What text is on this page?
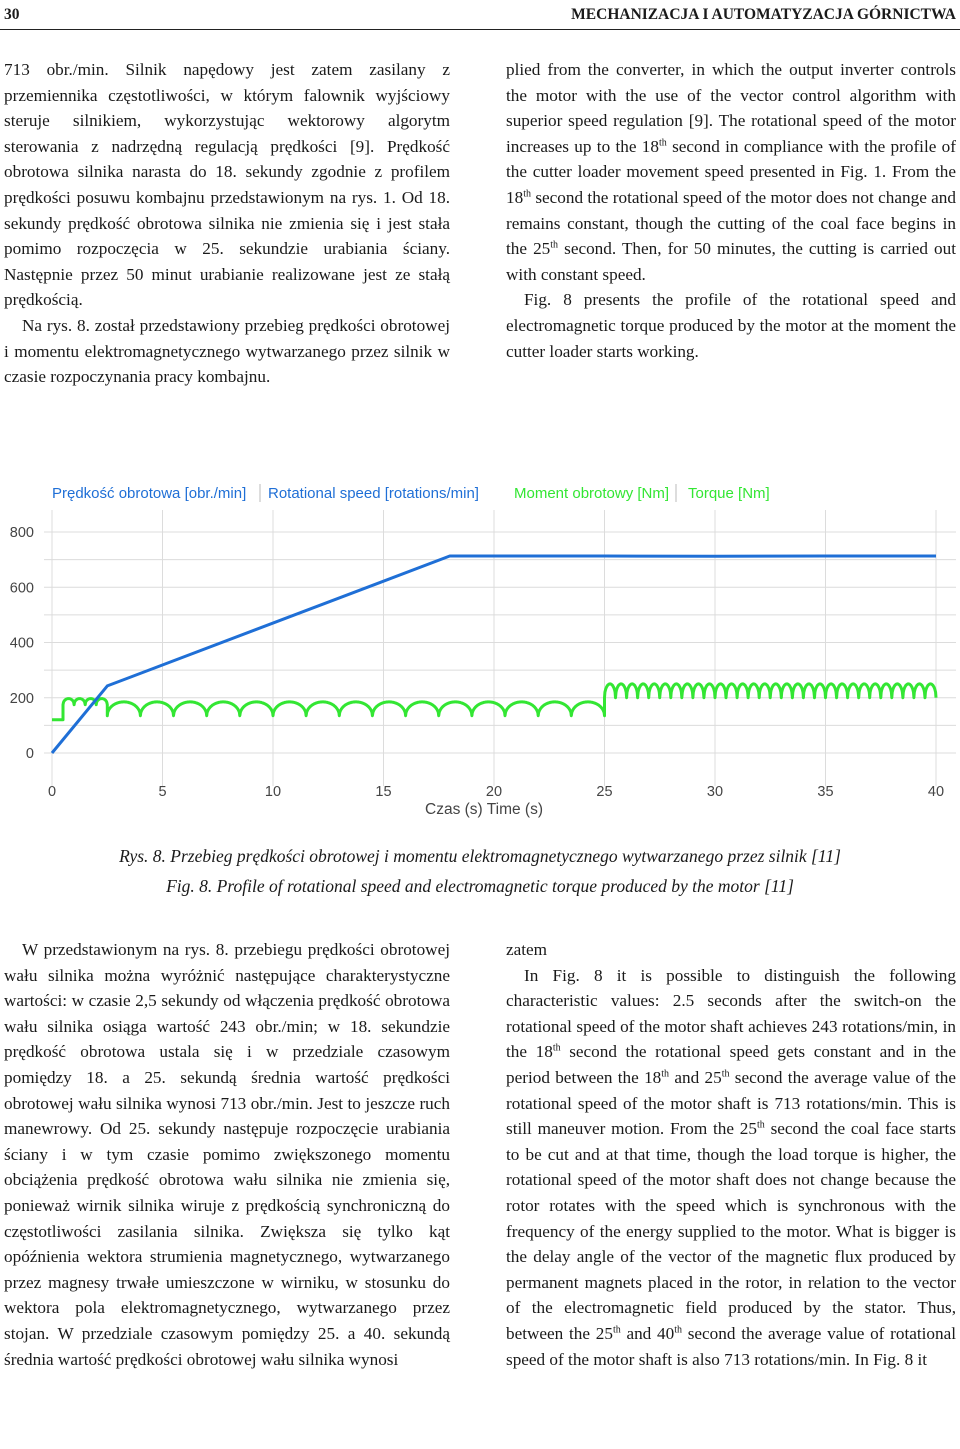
30	MECHANIZACJA I AUTOMATYZACJA GÓRNICTWA

713 obr./min. Silnik napędowy jest zatem zasilany z przemiennika częstotliwości, w którym falownik wyjściowy steruje silnikiem, wykorzystując wektorowy algorytm sterowania z nadrzędną regulacją prędkości [9]. Prędkość obrotowa silnika narasta do 18. sekundy zgodnie z profilem prędkości posuwu kombajnu przedstawionym na rys. 1. Od 18. sekundy prędkość obrotowa silnika nie zmienia się i jest stała pomimo rozpoczęcia w 25. sekundzie urabiania ściany. Następnie przez 50 minut urabianie realizowane jest ze stałą prędkością.

Na rys. 8. został przedstawiony przebieg prędkości obrotowej i momentu elektromagnetycznego wytwarzanego przez silnik w czasie rozpoczynania pracy kombajnu.

plied from the converter, in which the output inverter controls the motor with the use of the vector control algorithm with superior speed regulation [9]. The rotational speed of the motor increases up to the 18th second in compliance with the profile of the cutter loader movement speed presented in Fig. 1. From the 18th second the rotational speed of the motor does not change and remains constant, though the cutting of the coal face begins in the 25th second. Then, for 50 minutes, the cutting is carried out with constant speed.

Fig. 8 presents the profile of the rotational speed and electromagnetic torque produced by the motor at the moment the cutter loader starts working.

0
200
400
600
800
0	5	10	15	20	25	30	35	40
Prędkość obrotowa [obr./min] Rotational speed [rotations/min] Moment obrotowy [Nm] Torque [Nm]
Czas (s) Time (s)
Rys. 8. Przebieg prędkości obrotowej i momentu elektromagnetycznego wytwarzanego przez silnik [11]
Fig. 8. Profile of rotational speed and electromagnetic torque produced by the motor [11]

W przedstawionym na rys. 8. przebiegu prędkości obrotowej wału silnika można wyróżnić następujące charakterystyczne wartości: w czasie 2,5 sekundy od włączenia prędkość obrotowa wału silnika osiąga wartość 243 obr./min; w 18. sekundzie prędkość obrotowa ustala się i w przedziale czasowym pomiędzy 18. a 25. sekundą średnia wartość prędkości obrotowej wału silnika wynosi 713 obr./min. Jest to jeszcze ruch manewrowy. Od 25. sekundy następuje rozpoczęcie urabiania ściany i w tym czasie pomimo zwiększonego momentu obciążenia prędkość obrotowa wału silnika nie zmienia się, ponieważ wirnik silnika wiruje z prędkością synchroniczną do częstotliwości zasilania silnika. Zwiększa się tylko kąt opóźnienia wektora strumienia magnetycznego, wytwarzanego przez magnesy trwałe umieszczone w wirniku, w stosunku do wektora pola elektromagnetycznego, wytwarzanego przez stojan. W przedziale czasowym pomiędzy 25. a 40. sekundą średnia wartość prędkości obrotowej wału silnika wynosi

zatem

In Fig. 8 it is possible to distinguish the following characteristic values: 2.5 seconds after the switch-on the rotational speed of the motor shaft achieves 243 rotations/min, in the 18th second the rotational speed gets constant and in the period between the 18th and 25th second the average value of the rotational speed of the motor shaft is 713 rotations/min. This is still maneuver motion. From the 25th second the coal face starts to be cut and at that time, though the load torque is higher, the rotational speed of the motor shaft does not change because the rotor rotates with the speed which is synchronous with the frequency of the energy supplied to the motor. What is bigger is the delay angle of the vector of the magnetic flux produced by permanent magnets placed in the rotor, in relation to the vector of the electromagnetic field produced by the stator. Thus, between the 25th and 40th second the average value of rotational speed of the motor shaft is also 713 rotations/min. In Fig. 8 it
